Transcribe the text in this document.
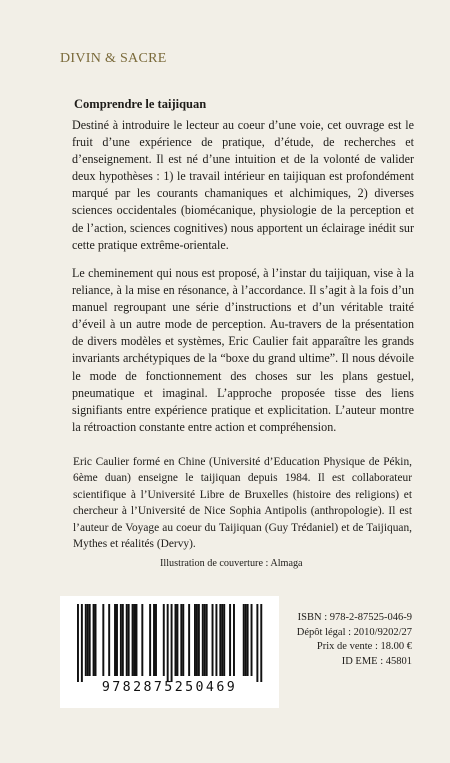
DIVIN & SACRE
Comprendre le taijiquan

Destiné à introduire le lecteur au coeur d’une voie, cet ouvrage est le fruit d’une expérience de pratique, d’étude, de recherches et d’enseignement. Il est né d’une intuition et de la volonté de valider deux hypothèses : 1) le travail intérieur en taijiquan est profondément marqué par les courants chamaniques et alchimiques, 2) diverses sciences occidentales (biomécanique, physiologie de la perception et de l’action, sciences cognitives) nous apportent un éclairage inédit sur cette pratique extrême-orientale.

Le cheminement qui nous est proposé, à l’instar du taijiquan, vise à la reliance, à la mise en résonance, à l’accordance. Il s’agit à la fois d’un manuel regroupant une série d’instructions et d’un véritable traité d’éveil à un autre mode de perception. Au-travers de la présentation de divers modèles et systèmes, Eric Caulier fait apparaître les grands invariants archétypiques de la “boxe du grand ultime”. Il nous dévoile le mode de fonctionnement des choses sur les plans gestuel, pneumatique et imaginal. L’approche proposée tisse des liens signifiants entre expérience pratique et explicitation. L’auteur montre la rétroaction constante entre action et compréhension.

Eric Caulier formé en Chine (Université d’Education Physique de Pékin, 6ème duan) enseigne le taijiquan depuis 1984. Il est collaborateur scientifique à l’Université Libre de Bruxelles (histoire des religions) et chercheur à l’Université de Nice Sophia Antipolis (anthropologie). Il est l’auteur de Voyage au coeur du Taijiquan (Guy Trédaniel) et de Taijiquan, Mythes et réalités (Dervy).

Illustration de couverture : Almaga
9782875250469
ISBN : 978-2-87525-046-9
Dépôt légal : 2010/9202/27
Prix de vente : 18.00 €
ID EME : 45801
